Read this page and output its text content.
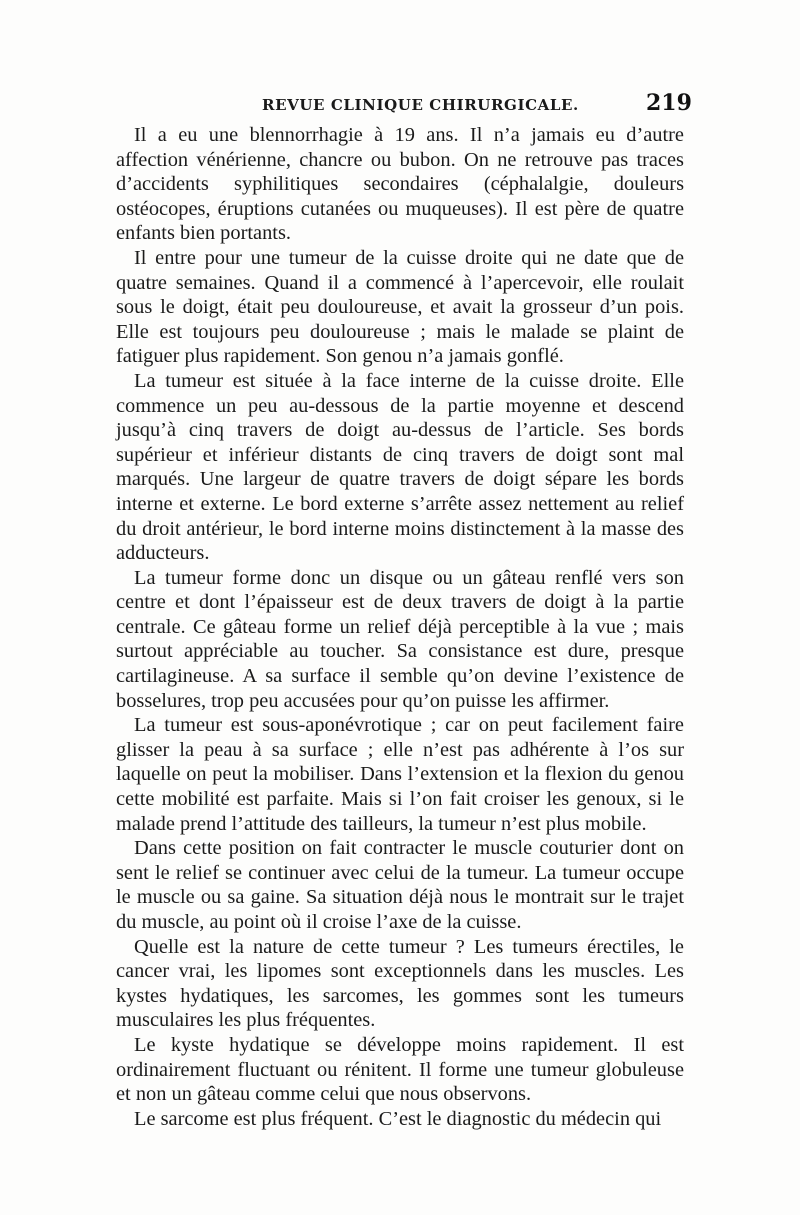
REVUE CLINIQUE CHIRURGICALE.	219

Il a eu une blennorrhagie à 19 ans. Il n’a jamais eu d’autre affection vénérienne, chancre ou bubon. On ne retrouve pas traces d’accidents syphilitiques secondaires (céphalalgie, douleurs ostéocopes, éruptions cutanées ou muqueuses). Il est père de quatre enfants bien portants.

Il entre pour une tumeur de la cuisse droite qui ne date que de quatre semaines. Quand il a commencé à l’apercevoir, elle roulait sous le doigt, était peu douloureuse, et avait la grosseur d’un pois. Elle est toujours peu douloureuse ; mais le malade se plaint de fatiguer plus rapidement. Son genou n’a jamais gonflé.

La tumeur est située à la face interne de la cuisse droite. Elle commence un peu au-dessous de la partie moyenne et descend jusqu’à cinq travers de doigt au-dessus de l’article. Ses bords supérieur et inférieur distants de cinq travers de doigt sont mal marqués. Une largeur de quatre travers de doigt sépare les bords interne et externe. Le bord externe s’arrête assez nettement au relief du droit antérieur, le bord interne moins distinctement à la masse des adducteurs.

La tumeur forme donc un disque ou un gâteau renflé vers son centre et dont l’épaisseur est de deux travers de doigt à la partie centrale. Ce gâteau forme un relief déjà perceptible à la vue ; mais surtout appréciable au toucher. Sa consistance est dure, presque cartilagineuse. A sa surface il semble qu’on devine l’existence de bosselures, trop peu accusées pour qu’on puisse les affirmer.

La tumeur est sous-aponévrotique ; car on peut facilement faire glisser la peau à sa surface ; elle n’est pas adhérente à l’os sur laquelle on peut la mobiliser. Dans l’extension et la flexion du genou cette mobilité est parfaite. Mais si l’on fait croiser les genoux, si le malade prend l’attitude des tailleurs, la tumeur n’est plus mobile.

Dans cette position on fait contracter le muscle couturier dont on sent le relief se continuer avec celui de la tumeur. La tumeur occupe le muscle ou sa gaine. Sa situation déjà nous le montrait sur le trajet du muscle, au point où il croise l’axe de la cuisse.

Quelle est la nature de cette tumeur ? Les tumeurs érectiles, le cancer vrai, les lipomes sont exceptionnels dans les muscles. Les kystes hydatiques, les sarcomes, les gommes sont les tumeurs musculaires les plus fréquentes.

Le kyste hydatique se développe moins rapidement. Il est ordinairement fluctuant ou rénitent. Il forme une tumeur globuleuse et non un gâteau comme celui que nous observons.

Le sarcome est plus fréquent. C’est le diagnostic du médecin qui
